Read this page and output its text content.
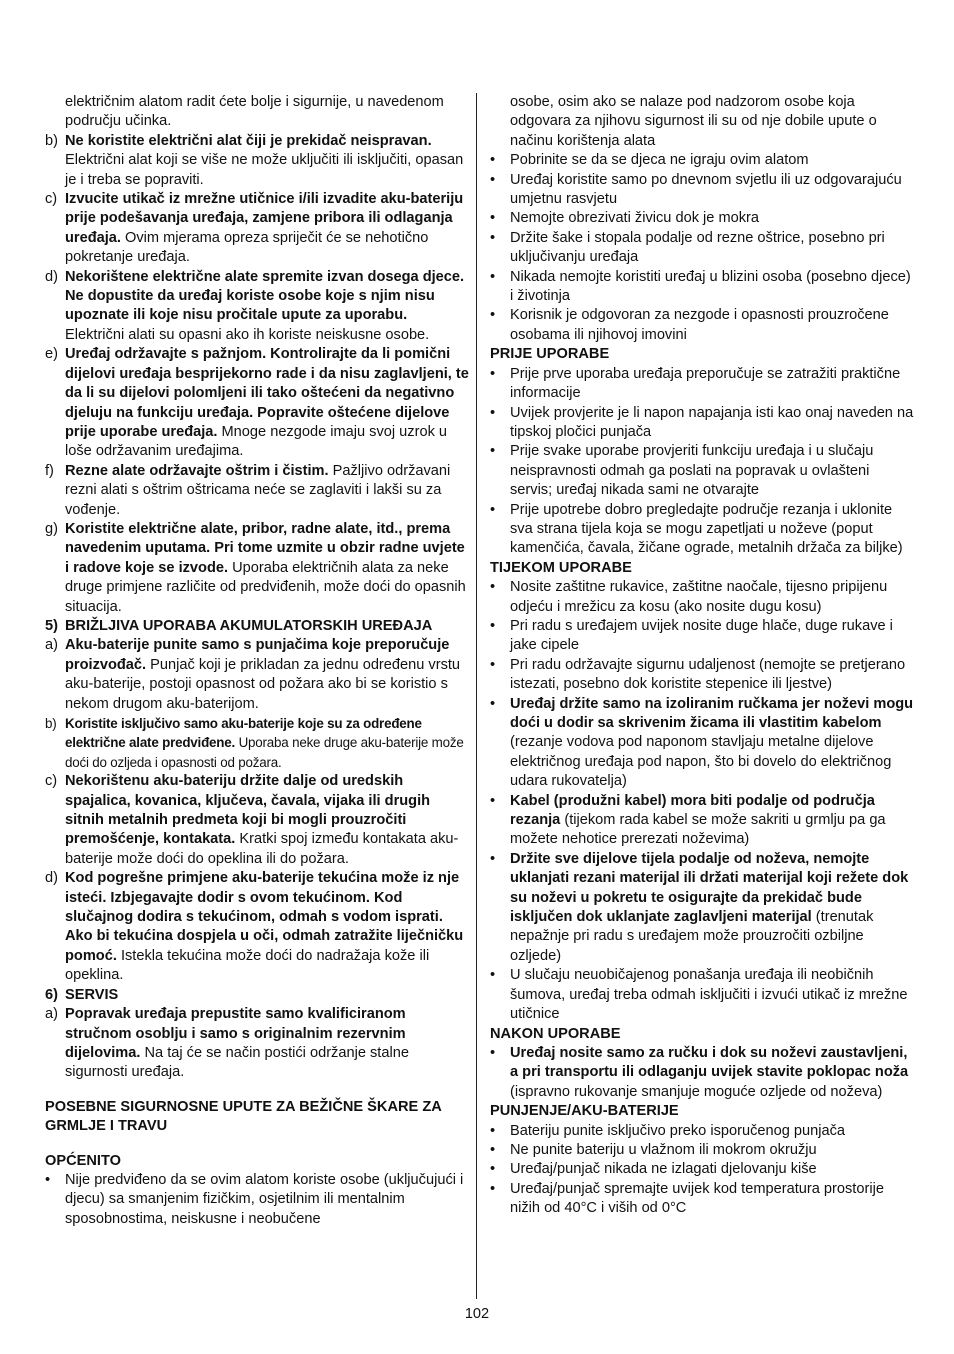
električnim alatom radit ćete bolje i sigurnije, u navedenom području učinka.
b) Ne koristite električni alat čiji je prekidač neispravan. Električni alat koji se više ne može uključiti ili isključiti, opasan je i treba se popraviti.
c) Izvucite utikač iz mrežne utičnice i/ili izvadite aku-bateriju prije podešavanja uređaja, zamjene pribora ili odlaganja uređaja. Ovim mjerama opreza spriječit će se nehotično pokretanje uređaja.
d) Nekorištene električne alate spremite izvan dosega djece. Ne dopustite da uređaj koriste osobe koje s njim nisu upoznate ili koje nisu pročitale upute za uporabu. Električni alati su opasni ako ih koriste neiskusne osobe.
e) Uređaj održavajte s pažnjom. Kontrolirajte da li pomični dijelovi uređaja besprijekorno rade i da nisu zaglavljeni, te da li su dijelovi polomljeni ili tako oštećeni da negativno djeluju na funkciju uređaja. Popravite oštećene dijelove prije uporabe uređaja. Mnoge nezgode imaju svoj uzrok u loše održavanim uređajima.
f) Rezne alate održavajte oštrim i čistim. Pažljivo održavani rezni alati s oštrim oštricama neće se zaglaviti i lakši su za vođenje.
g) Koristite električne alate, pribor, radne alate, itd., prema navedenim uputama. Pri tome uzmite u obzir radne uvjete i radove koje se izvode. Uporaba električnih alata za neke druge primjene različite od predviđenih, može doći do opasnih situacija.
5) BRIŽLJIVA UPORABA AKUMULATORSKIH UREĐAJA
a) Aku-baterije punite samo s punjačima koje preporučuje proizvođač. Punjač koji je prikladan za jednu određenu vrstu aku-baterije, postoji opasnost od požara ako bi se koristio s nekom drugom aku-baterijom.
b) Koristite isključivo samo aku-baterije koje su za određene električne alate predviđene. Uporaba neke druge aku-baterije može doći do ozljeda i opasnosti od požara.
c) Nekorištenu aku-bateriju držite dalje od uredskih spajalica, kovanica, ključeva, čavala, vijaka ili drugih sitnih metalnih predmeta koji bi mogli prouzročiti premošćenje, kontakata. Kratki spoj između kontakata aku-baterije može doći do opeklina ili do požara.
d) Kod pogrešne primjene aku-baterije tekućina može iz nje isteći. Izbjegavajte dodir s ovom tekućinom. Kod slučajnog dodira s tekućinom, odmah s vodom isprati. Ako bi tekućina dospjela u oči, odmah zatražite liječničku pomoć. Istekla tekućina može doći do nadražaja kože ili opeklina.
6) SERVIS
a) Popravak uređaja prepustite samo kvalificiranom stručnom osoblju i samo s originalnim rezervnim dijelovima. Na taj će se način postići održanje stalne sigurnosti uređaja.
POSEBNE SIGURNOSNE UPUTE ZA BEŽIČNE ŠKARE ZA GRMLJE I TRAVU
OPĆENITO
• Nije predviđeno da se ovim alatom koriste osobe (uključujući i djecu) sa smanjenim fizičkim, osjetilnim ili mentalnim sposobnostima, neiskusne i neobučene
osobe, osim ako se nalaze pod nadzorom osobe koja odgovara za njihovu sigurnost ili su od nje dobile upute o načinu korištenja alata
• Pobrinite se da se djeca ne igraju ovim alatom
• Uređaj koristite samo po dnevnom svjetlu ili uz odgovarajuću umjetnu rasvjetu
• Nemojte obrezivati živicu dok je mokra
• Držite šake i stopala podalje od rezne oštrice, posebno pri uključivanju uređaja
• Nikada nemojte koristiti uređaj u blizini osoba (posebno djece) i životinja
• Korisnik je odgovoran za nezgode i opasnosti prouzročene osobama ili njihovoj imovini
PRIJE UPORABE
• Prije prve uporaba uređaja preporučuje se zatražiti praktične informacije
• Uvijek provjerite je li napon napajanja isti kao onaj naveden na tipskoj pločici punjača
• Prije svake uporabe provjeriti funkciju uređaja i u slučaju neispravnosti odmah ga poslati na popravak u ovlašteni servis; uređaj nikada sami ne otvarajte
• Prije upotrebe dobro pregledajte područje rezanja i uklonite sva strana tijela koja se mogu zapetljati u noževe (poput kamenčića, čavala, žičane ograde, metalnih držača za biljke)
TIJEKOM UPORABE
• Nosite zaštitne rukavice, zaštitne naočale, tijesno pripijenu odjeću i mrežicu za kosu (ako nosite dugu kosu)
• Pri radu s uređajem uvijek nosite duge hlače, duge rukave i jake cipele
• Pri radu održavajte sigurnu udaljenost (nemojte se pretjerano istezati, posebno dok koristite stepenice ili ljestve)
• Uređaj držite samo na izoliranim ručkama jer noževi mogu doći u dodir sa skrivenim žicama ili vlastitim kabelom (rezanje vodova pod naponom stavljaju metalne dijelove električnog uređaja pod napon, što bi dovelo do električnog udara rukovatelja)
• Kabel (produžni kabel) mora biti podalje od područja rezanja (tijekom rada kabel se može sakriti u grmlju pa ga možete nehotice prerezati noževima)
• Držite sve dijelove tijela podalje od noževa, nemojte uklanjati rezani materijal ili držati materijal koji režete dok su noževi u pokretu te osigurajte da prekidač bude isključen dok uklanjate zaglavljeni materijal (trenutak nepažnje pri radu s uređajem može prouzročiti ozbiljne ozljede)
• U slučaju neuobičajenog ponašanja uređaja ili neobičnih šumova, uređaj treba odmah isključiti i izvući utikač iz mrežne utičnice
NAKON UPORABE
• Uređaj nosite samo za ručku i dok su noževi zaustavljeni, a pri transportu ili odlaganju uvijek stavite poklopac noža (ispravno rukovanje smanjuje moguće ozljede od noževa)
PUNJENJE/AKU-BATERIJE
• Bateriju punite isključivo preko isporučenog punjača
• Ne punite bateriju u vlažnom ili mokrom okružju
• Uređaj/punjač nikada ne izlagati djelovanju kiše
• Uređaj/punjač spremajte uvijek kod temperatura prostorije nižih od 40°C i viših od 0°C
102
